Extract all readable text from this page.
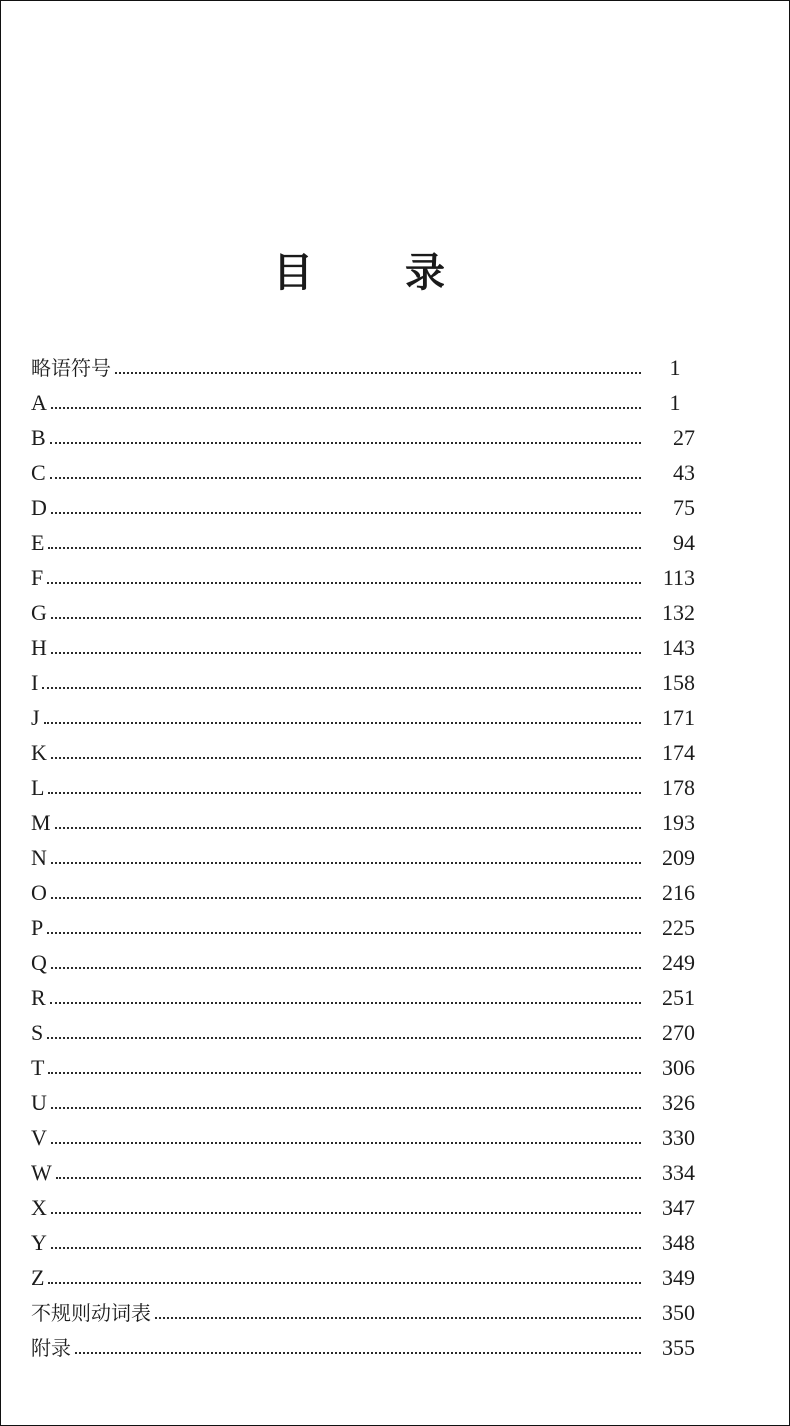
目 录
略语符号	1
A	1
B	27
C	43
D	75
E	94
F	113
G	132
H	143
I	158
J	171
K	174
L	178
M	193
N	209
O	216
P	225
Q	249
R	251
S	270
T	306
U	326
V	330
W	334
X	347
Y	348
Z	349
不规则动词表	350
附录	355
